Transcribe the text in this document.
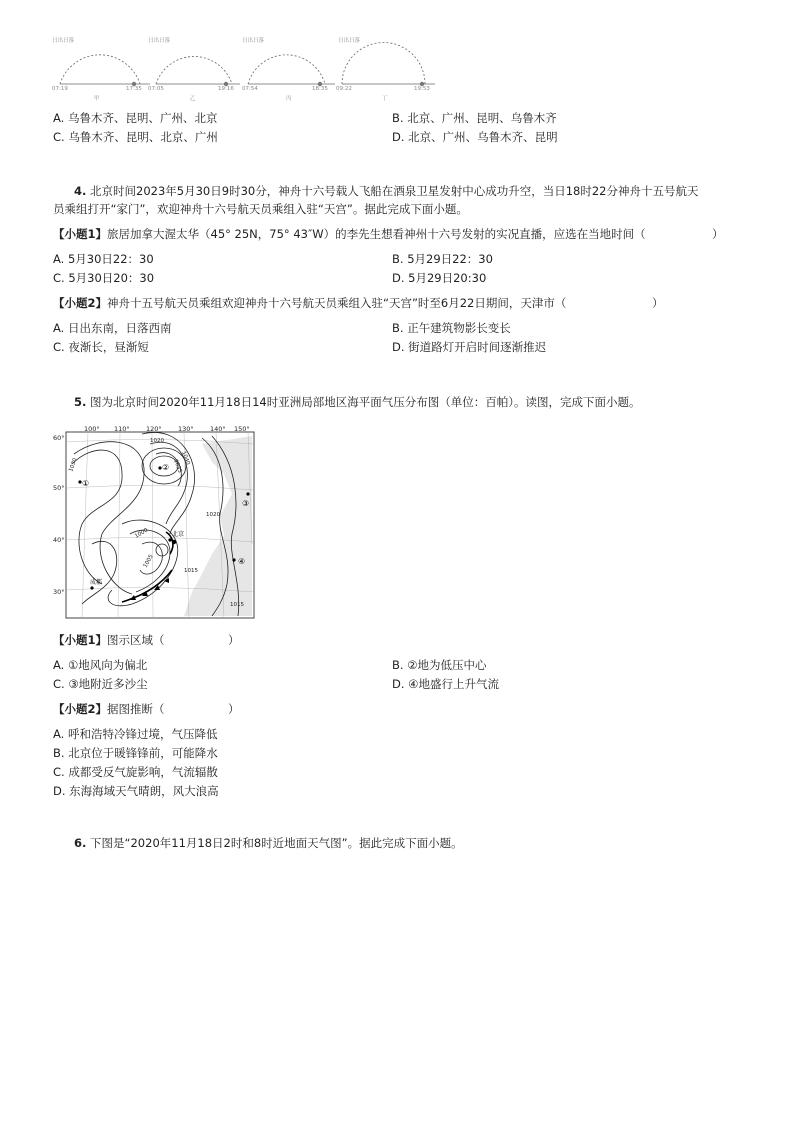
日出日落	日出日落	日出日落	日出日落
07:19	17:35 07:05	19:16 07:54	18:35 09:22	19:53
甲	乙	丙	丁
A. 乌鲁木齐、昆明、广州、北京	B. 北京、广州、昆明、乌鲁木齐
C. 乌鲁木齐、昆明、北京、广州	D. 北京、广州、乌鲁木齐、昆明
4. 北京时间2023年5月30日9时30分，神舟十六号载人飞船在酒泉卫星发射中心成功升空，当日18时22分神舟十五号航天
员乘组打开“家门”，欢迎神舟十六号航天员乘组入驻“天宫”。据此完成下面小题。
【小题1】旅居加拿大渥太华（45° 25N，75° 43″W）的李先生想看神州十六号发射的实况直播，应选在当地时间（	）
A. 5月30日22：30	B. 5月29日22：30
C. 5月30日20：30	D. 5月29日20:30
【小题2】神舟十五号航天员乘组欢迎神舟十六号航天员乘组入驻“天宫”时至6月22日期间，天津市（	）
A. 日出东南，日落西南	B. 正午建筑物影长变长
C. 夜渐长，昼渐短	D. 街道路灯开启时间逐渐推迟
5. 图为北京时间2020年11月18日14时亚洲局部地区海平面气压分布图（单位：百帕）。读图，完成下面小题。
100° 110°	120°	130°	140° 150°
60°
50°
40°
30°
1030	1035
1040
1020
1000
1005
1015
1020
1015
①
②
③
④
成都
北京
【小题1】图示区域（	）
A. ①地风向为偏北	B. ②地为低压中心
C. ③地附近多沙尘	D. ④地盛行上升气流
【小题2】据图推断（	）
A. 呼和浩特冷锋过境，气压降低
B. 北京位于暖锋锋前，可能降水
C. 成都受反气旋影响，气流辐散
D. 东海海域天气晴朗，风大浪高
6. 下图是“2020年11月18日2时和8时近地面天气图”。据此完成下面小题。
